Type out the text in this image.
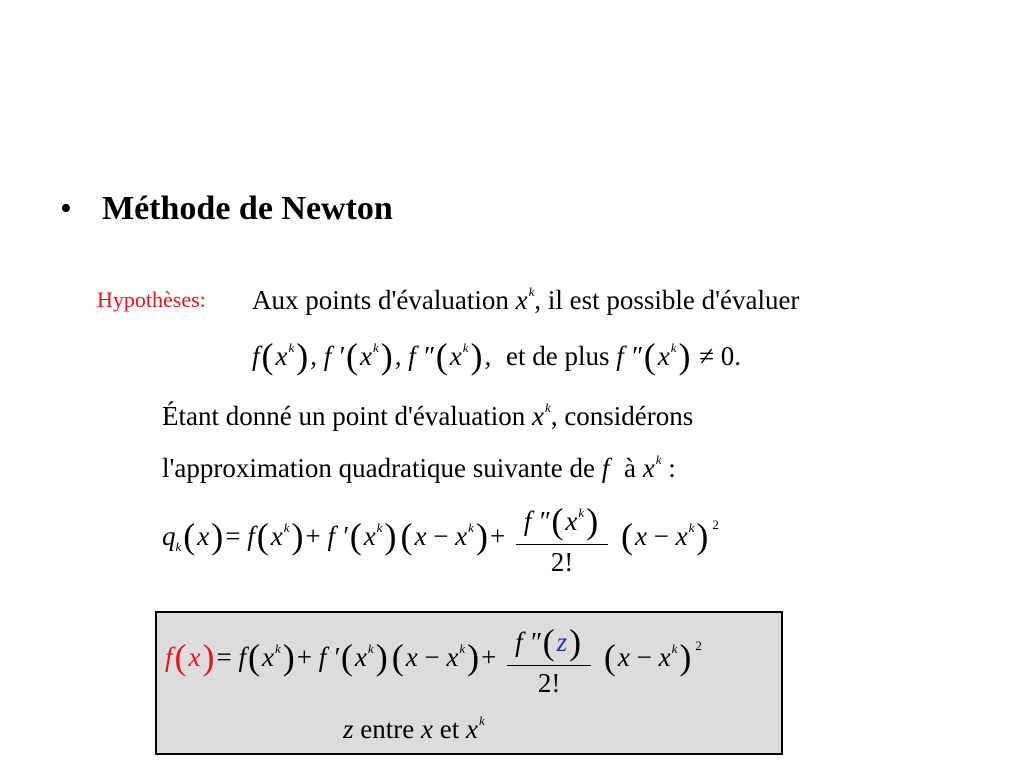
• Méthode de Newton
Hypothèses: Aux points d'évaluation $x^k$, il est possible d'évaluer
$f(x^k)$, f $'(x^k)$, f $''(x^k)$, et de plus f $''(x^k) \ne 0$.
Étant donné un point d'évaluation $x^k$, considérons
l'approximation quadratique suivante de f à $x^k$ :
$q_k(x)= f(x^k)+ f$ $'(x^k) (x - x^k)+ \frac{f ''(x^k)}{2!} (x - x^k)$ $^2$
$f(x)= f(x^k)+ f$ $'(x^k) (x - x^k)+ \frac{f ''(z)}{2!} (x - x^k)$ $^2$
z entre x et $x^k$
